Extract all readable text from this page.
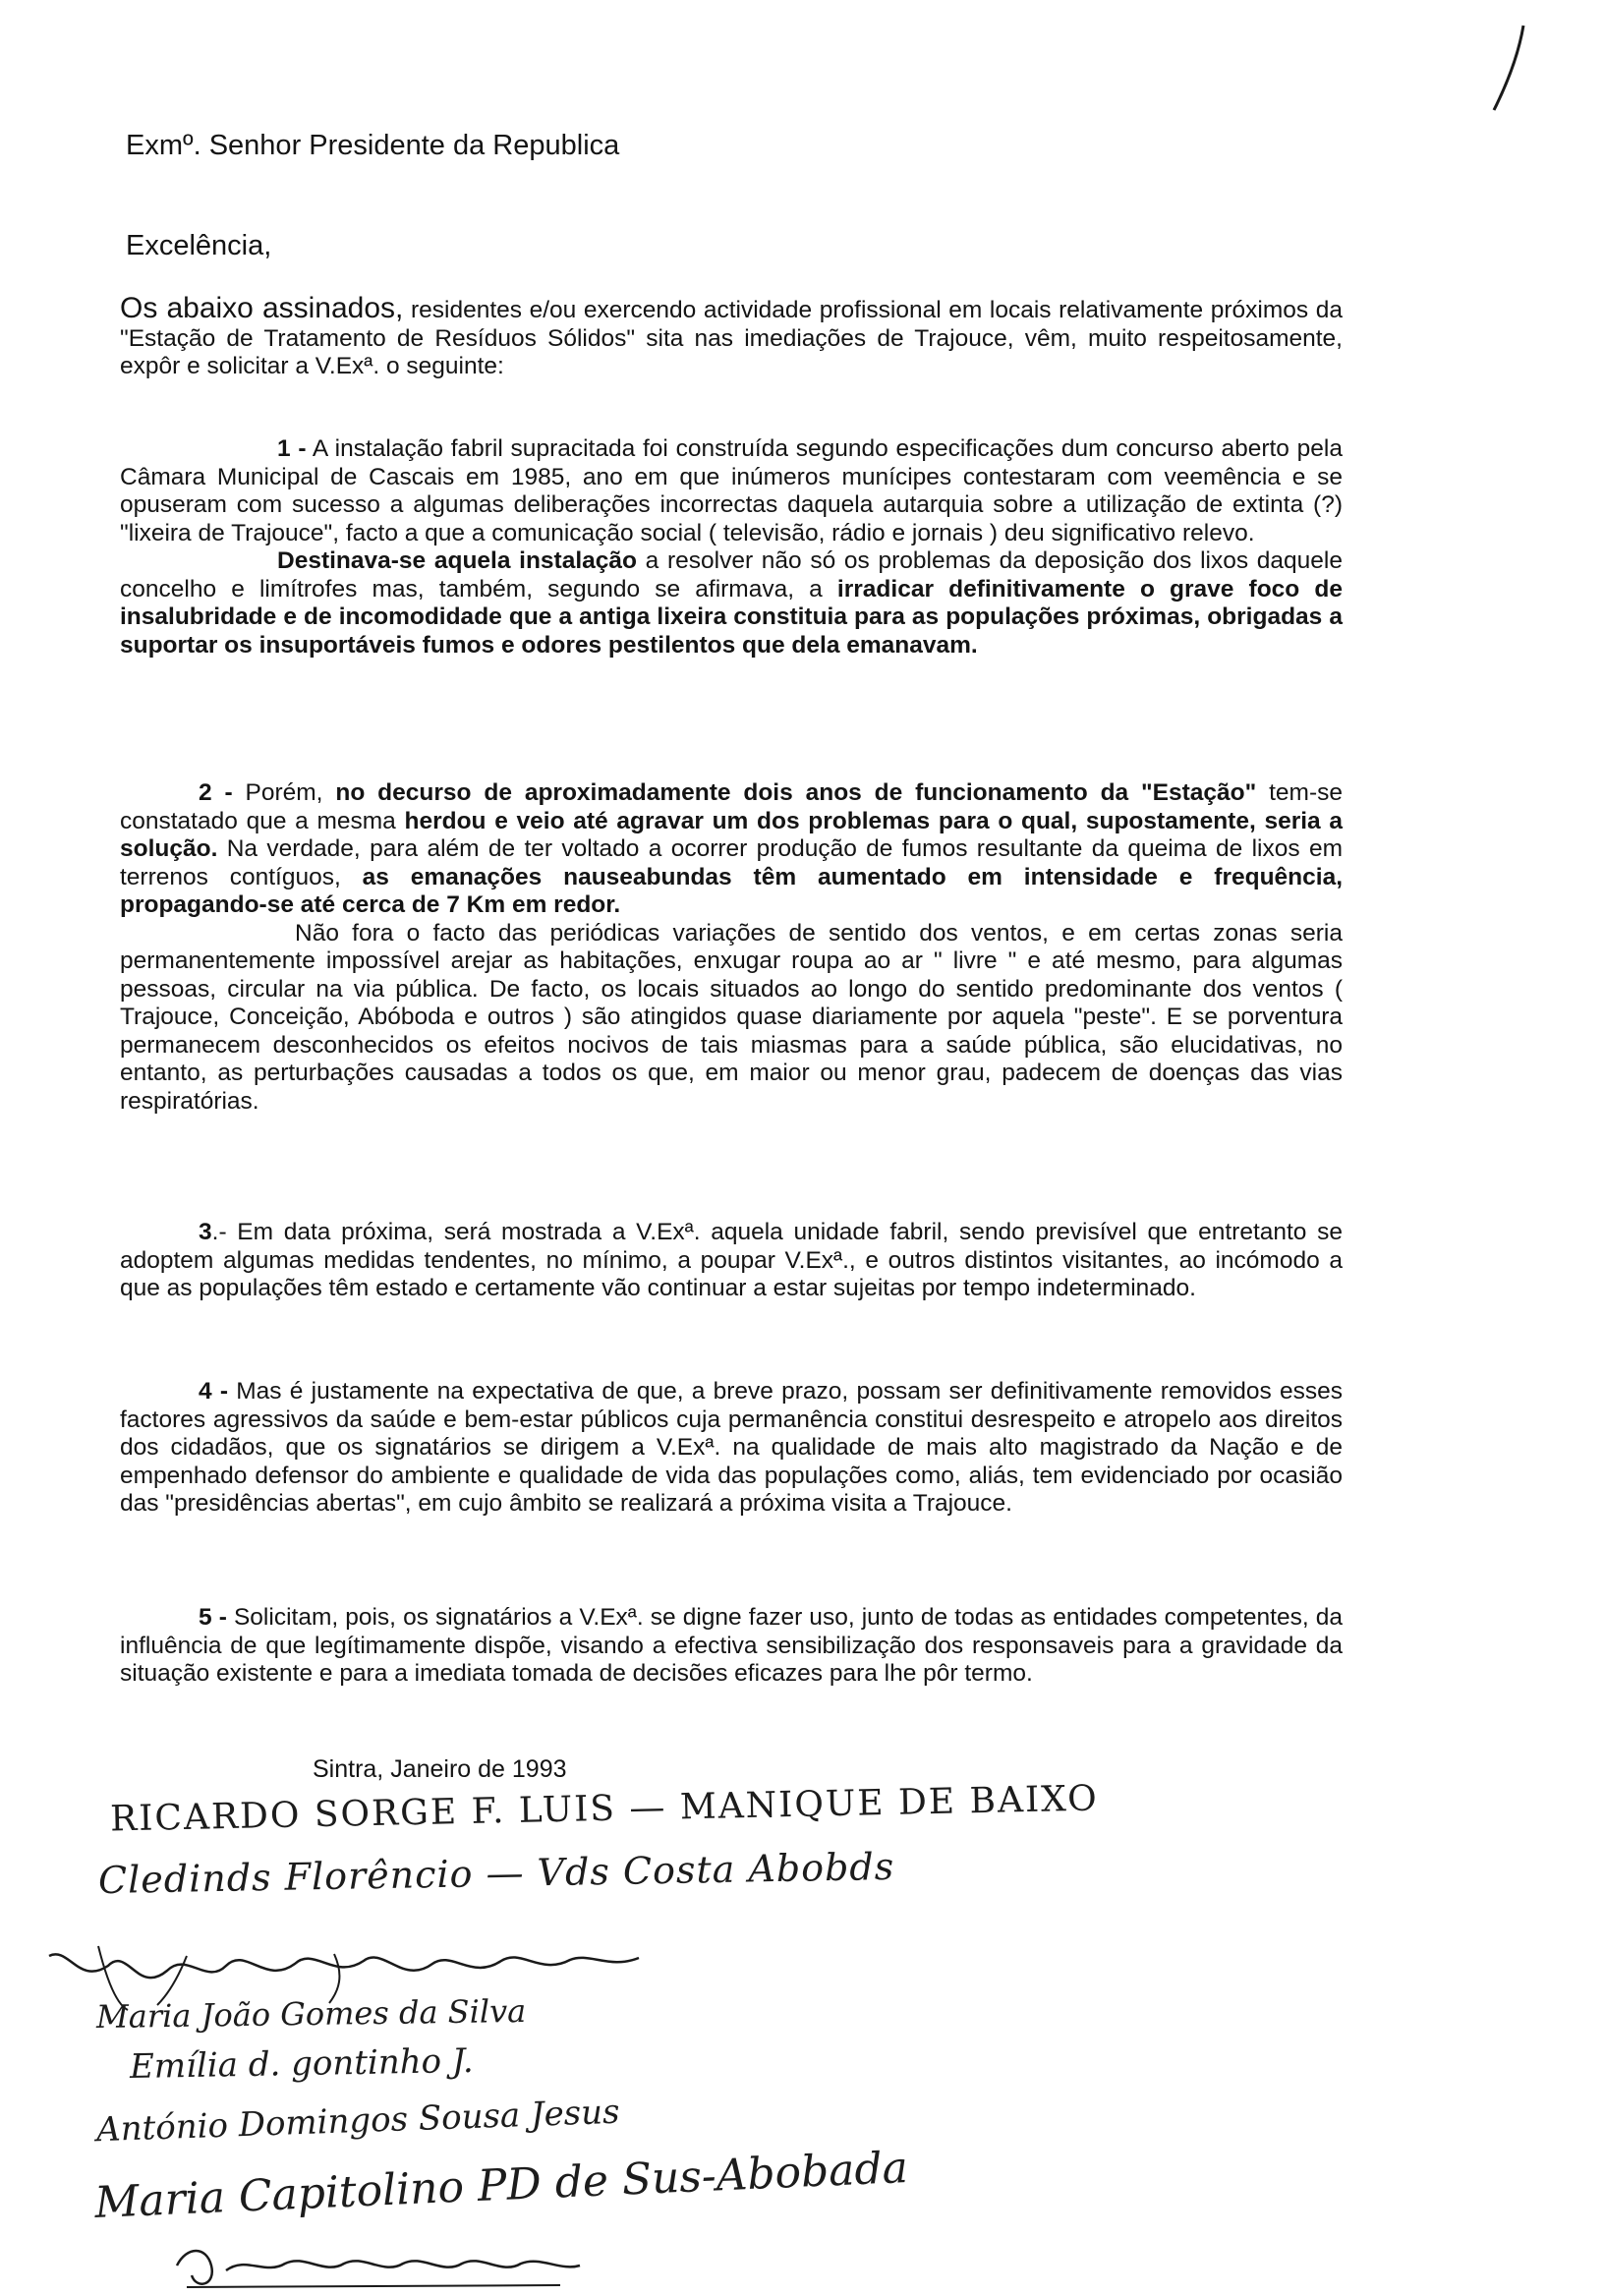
Exmº. Senhor Presidente da Republica
Excelência,

Os abaixo assinados, residentes e/ou exercendo actividade profissional em locais relativamente próximos da "Estação de Tratamento de Resíduos Sólidos" sita nas imediações de Trajouce, vêm, muito respeitosamente, expôr e solicitar a V.Exª. o seguinte:

1 - A instalação fabril supracitada foi construída segundo especificações dum concurso aberto pela Câmara Municipal de Cascais em 1985, ano em que inúmeros munícipes contestaram com veemência e se opuseram com sucesso a algumas deliberações incorrectas daquela autarquia sobre a utilização de extinta (?) "lixeira de Trajouce", facto a que a comunicação social ( televisão, rádio e jornais ) deu significativo relevo.
Destinava-se aquela instalação a resolver não só os problemas da deposição dos lixos daquele concelho e limítrofes mas, também, segundo se afirmava, a irradicar definitivamente o grave foco de insalubridade e de incomodidade que a antiga lixeira constituia para as populações próximas, obrigadas a suportar os insuportáveis fumos e odores pestilentos que dela emanavam.

2 - Porém, no decurso de aproximadamente dois anos de funcionamento da "Estação" tem-se constatado que a mesma herdou e veio até agravar um dos problemas para o qual, supostamente, seria a solução. Na verdade, para além de ter voltado a ocorrer produção de fumos resultante da queima de lixos em terrenos contíguos, as emanações nauseabundas têm aumentado em intensidade e frequência, propagando-se até cerca de 7 Km em redor.
Não fora o facto das periódicas variações de sentido dos ventos, e em certas zonas seria permanentemente impossível arejar as habitações, enxugar roupa ao ar " livre " e até mesmo, para algumas pessoas, circular na via pública. De facto, os locais situados ao longo do sentido predominante dos ventos ( Trajouce, Conceição, Abóboda e outros ) são atingidos quase diariamente por aquela "peste". E se porventura permanecem desconhecidos os efeitos nocivos de tais miasmas para a saúde pública, são elucidativas, no entanto, as perturbações causadas a todos os que, em maior ou menor grau, padecem de doenças das vias respiratórias.

3.- Em data próxima, será mostrada a V.Exª. aquela unidade fabril, sendo previsível que entretanto se adoptem algumas medidas tendentes, no mínimo, a poupar V.Exª., e outros distintos visitantes, ao incómodo a que as populações têm estado e certamente vão continuar a estar sujeitas por tempo indeterminado.

4 - Mas é justamente na expectativa de que, a breve prazo, possam ser definitivamente removidos esses factores agressivos da saúde e bem-estar públicos cuja permanência constitui desrespeito e atropelo aos direitos dos cidadãos, que os signatários se dirigem a V.Exª. na qualidade de mais alto magistrado da Nação e de empenhado defensor do ambiente e qualidade de vida das populações como, aliás, tem evidenciado por ocasião das "presidências abertas", em cujo âmbito se realizará a próxima visita a Trajouce.

5 - Solicitam, pois, os signatários a V.Exª. se digne fazer uso, junto de todas as entidades competentes, da influência de que legítimamente dispõe, visando a efectiva sensibilização dos responsaveis para a gravidade da situação existente e para a imediata tomada de decisões eficazes para lhe pôr termo.

Sintra, Janeiro de 1993

RICARDO SORGE F. LUIS — MANIQUE DE BAIXO

Cledinds Florêncio — Vds Costa Abobds

Maria João Gomes da Silva

Emília d. gontinho J.

António Domingos Sousa Jesus

Maria Capitolino PD de Sus-Abobada
